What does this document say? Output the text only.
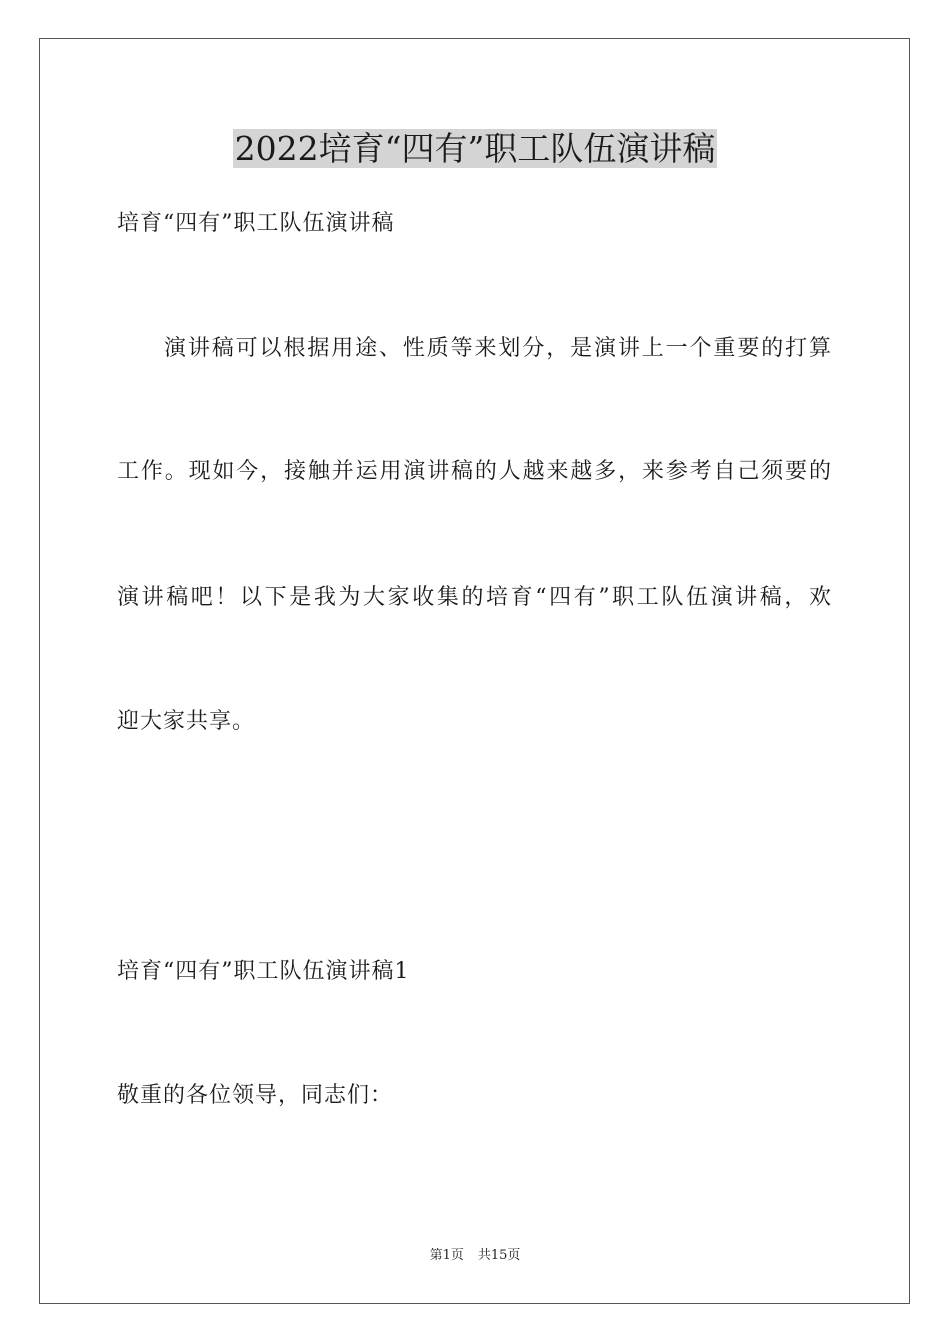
2022培育“四有”职工队伍演讲稿

培育“四有”职工队伍演讲稿

演讲稿可以根据用途、性质等来划分，是演讲上一个重要的打算

工作。现如今，接触并运用演讲稿的人越来越多，来参考自己须要的

演讲稿吧！以下是我为大家收集的培育“四有”职工队伍演讲稿，欢

迎大家共享。

培育“四有”职工队伍演讲稿1

敬重的各位领导，同志们：

第1页 共15页
